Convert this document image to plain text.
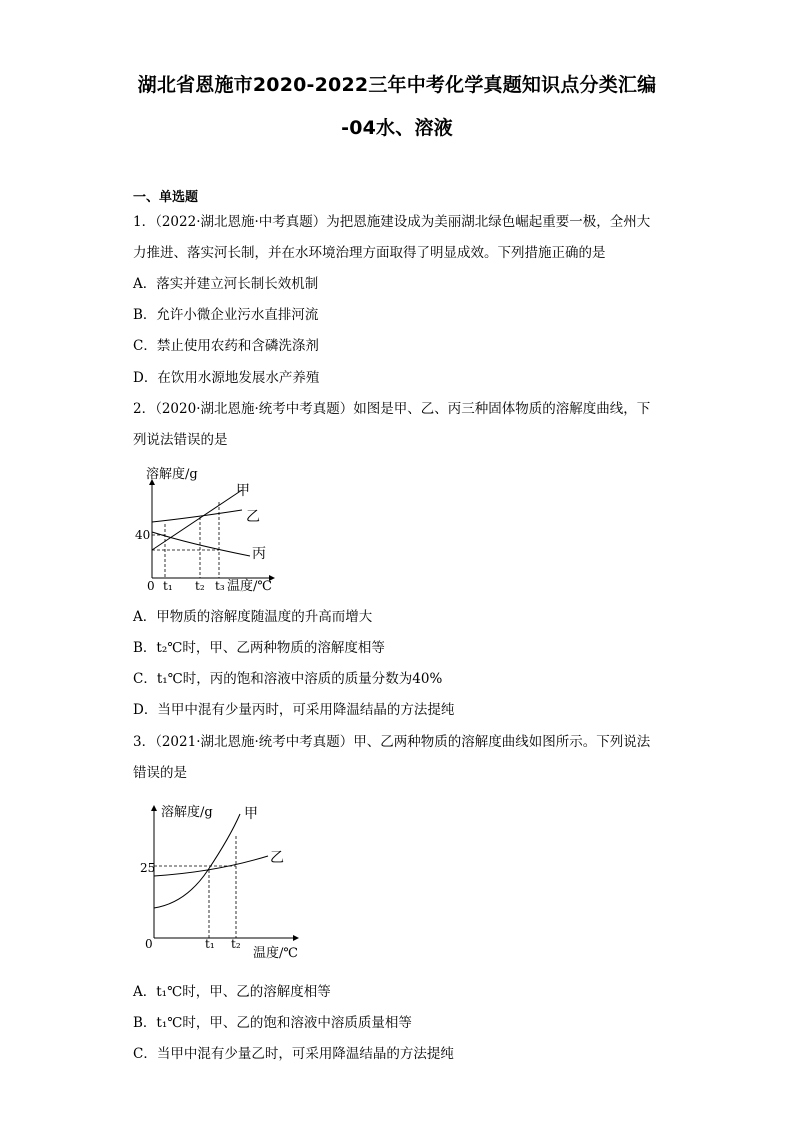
湖北省恩施市2020-2022三年中考化学真题知识点分类汇编
-04水、溶液
一、单选题
1．（2022·湖北恩施·中考真题）为把恩施建设成为美丽湖北绿色崛起重要一极，全州大
力推进、落实河长制，并在水环境治理方面取得了明显成效。下列措施正确的是
A．落实并建立河长制长效机制
B．允许小微企业污水直排河流
C．禁止使用农药和含磷洗涤剂
D．在饮用水源地发展水产养殖
2．（2020·湖北恩施·统考中考真题）如图是甲、乙、丙三种固体物质的溶解度曲线，下
列说法错误的是
溶解度/g
温度/℃
0
40
t₁ t₂ t₃
甲
乙
丙
A．甲物质的溶解度随温度的升高而增大
B．t₂℃时，甲、乙两种物质的溶解度相等
C．t₁℃时，丙的饱和溶液中溶质的质量分数为40%
D．当甲中混有少量丙时，可采用降温结晶的方法提纯
3．（2021·湖北恩施·统考中考真题）甲、乙两种物质的溶解度曲线如图所示。下列说法
错误的是
溶解度/g
温度/℃
0
25
t₁ t₂
甲
乙
A．t₁℃时，甲、乙的溶解度相等
B．t₁℃时，甲、乙的饱和溶液中溶质质量相等
C．当甲中混有少量乙时，可采用降温结晶的方法提纯
